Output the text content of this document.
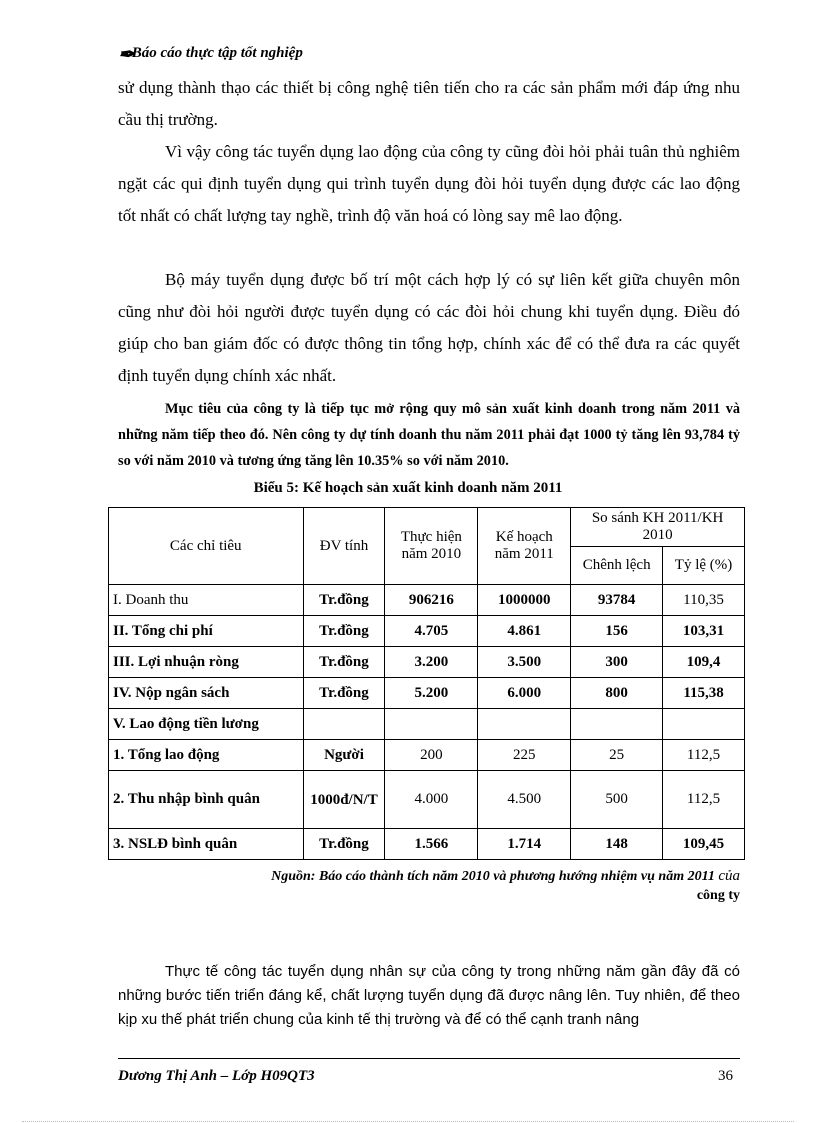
✒Báo cáo thực tập tốt nghiệp

sử dụng thành thạo các thiết bị công nghệ tiên tiến cho ra các sản phẩm mới đáp ứng nhu cầu thị trường.

Vì vậy công tác tuyển dụng lao động của công ty cũng đòi hỏi phải tuân thủ nghiêm ngặt các qui định tuyển dụng qui trình tuyển dụng đòi hỏi tuyển dụng được các lao động tốt nhất có chất lượng tay nghề, trình độ văn hoá có lòng say mê lao động.

Bộ máy tuyển dụng được bố trí một cách hợp lý có sự liên kết giữa chuyên môn cũng như đòi hỏi người được tuyển dụng có các đòi hỏi chung khi tuyển dụng. Điều đó giúp cho ban giám đốc có được thông tin tổng hợp, chính xác để có thể đưa ra các quyết định tuyển dụng chính xác nhất.

Mục tiêu của công ty là tiếp tục mở rộng quy mô sản xuất kinh doanh trong năm 2011 và những năm tiếp theo đó. Nên công ty dự tính doanh thu năm 2011 phải đạt 1000 tỷ tăng lên 93,784 tỷ so với năm 2010 và tương ứng tăng lên 10.35% so với năm 2010.

Biểu 5: Kế hoạch sản xuất kinh doanh năm 2011
Các chỉ tiêu	ĐV tính	Thực hiện năm 2010	Kế hoạch năm 2011	So sánh KH 2011/KH 2010	
				Chênh lệch	Tỷ lệ (%)
I. Doanh thu	Tr.đồng	906216	1000000	93784	110,35
II. Tổng chi phí	Tr.đồng	4.705	4.861	156	103,31
III. Lợi nhuận ròng	Tr.đồng	3.200	3.500	300	109,4
IV. Nộp ngân sách	Tr.đồng	5.200	6.000	800	115,38
V. Lao động tiền lương					
1. Tổng lao động	Người	200	225	25	112,5
2. Thu nhập bình quân	1000đ/N/T	4.000	4.500	500	112,5
3. NSLĐ bình quân	Tr.đồng	1.566	1.714	148	109,45
Nguồn: Báo cáo thành tích năm 2010 và phương hướng nhiệm vụ năm 2011 của
công ty

Thực tế công tác tuyển dụng nhân sự của công ty trong những năm gần đây đã có những bước tiến triển đáng kể, chất lượng tuyển dụng đã được nâng lên. Tuy nhiên, để theo kịp xu thế phát triển chung của kinh tế thị trường và để có thể cạnh tranh nâng

Dương Thị Anh – Lớp H09QT3	36
